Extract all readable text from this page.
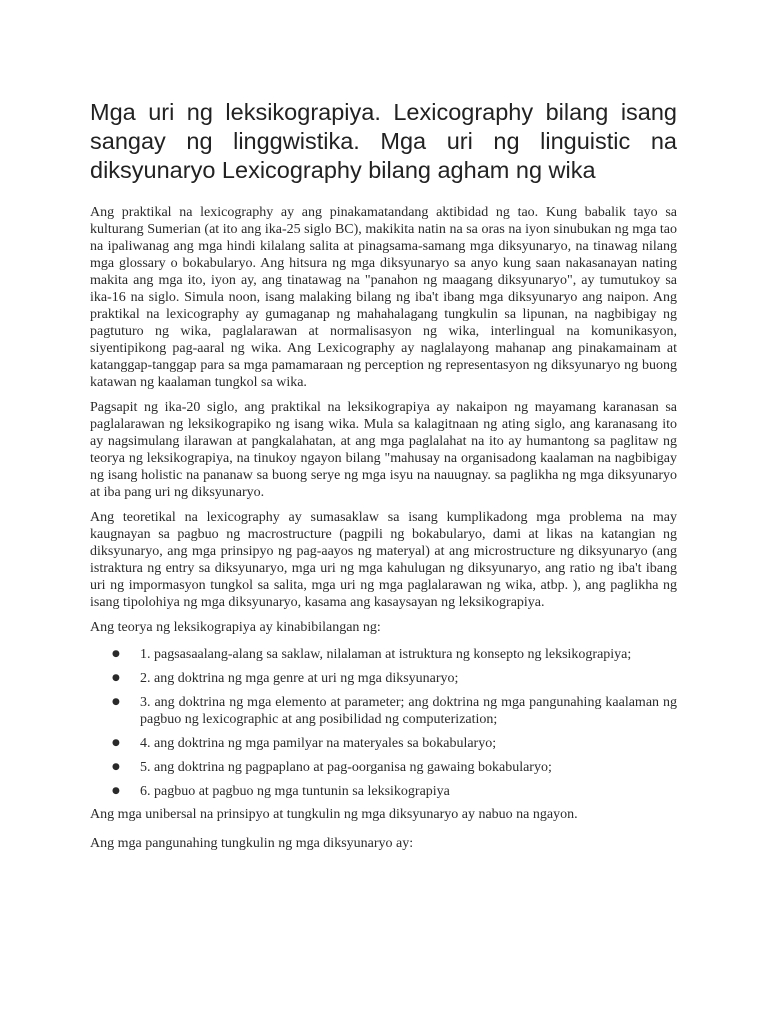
Mga uri ng leksikograpiya. Lexicography bilang isang sangay ng linggwistika. Mga uri ng linguistic na diksyunaryo Lexicography bilang agham ng wika

Ang praktikal na lexicography ay ang pinakamatandang aktibidad ng tao. Kung babalik tayo sa kulturang Sumerian (at ito ang ika-25 siglo BC), makikita natin na sa oras na iyon sinubukan ng mga tao na ipaliwanag ang mga hindi kilalang salita at pinagsama-samang mga diksyunaryo, na tinawag nilang mga glossary o bokabularyo. Ang hitsura ng mga diksyunaryo sa anyo kung saan nakasanayan nating makita ang mga ito, iyon ay, ang tinatawag na "panahon ng maagang diksyunaryo", ay tumutukoy sa ika-16 na siglo. Simula noon, isang malaking bilang ng iba't ibang mga diksyunaryo ang naipon. Ang praktikal na lexicography ay gumaganap ng mahahalagang tungkulin sa lipunan, na nagbibigay ng pagtuturo ng wika, paglalarawan at normalisasyon ng wika, interlingual na komunikasyon, siyentipikong pag-aaral ng wika. Ang Lexicography ay naglalayong mahanap ang pinakamainam at katanggap-tanggap para sa mga pamamaraan ng perception ng representasyon ng diksyunaryo ng buong katawan ng kaalaman tungkol sa wika.

Pagsapit ng ika-20 siglo, ang praktikal na leksikograpiya ay nakaipon ng mayamang karanasan sa paglalarawan ng leksikograpiko ng isang wika. Mula sa kalagitnaan ng ating siglo, ang karanasang ito ay nagsimulang ilarawan at pangkalahatan, at ang mga paglalahat na ito ay humantong sa paglitaw ng teorya ng leksikograpiya, na tinukoy ngayon bilang "mahusay na organisadong kaalaman na nagbibigay ng isang holistic na pananaw sa buong serye ng mga isyu na nauugnay. sa paglikha ng mga diksyunaryo at iba pang uri ng diksyunaryo.

Ang teoretikal na lexicography ay sumasaklaw sa isang kumplikadong mga problema na may kaugnayan sa pagbuo ng macrostructure (pagpili ng bokabularyo, dami at likas na katangian ng diksyunaryo, ang mga prinsipyo ng pag-aayos ng materyal) at ang microstructure ng diksyunaryo (ang istraktura ng entry sa diksyunaryo, mga uri ng mga kahulugan ng diksyunaryo, ang ratio ng iba't ibang uri ng impormasyon tungkol sa salita, mga uri ng mga paglalarawan ng wika, atbp. ), ang paglikha ng isang tipolohiya ng mga diksyunaryo, kasama ang kasaysayan ng leksikograpiya.

Ang teorya ng leksikograpiya ay kinabibilangan ng:

● 1. pagsasaalang-alang sa saklaw, nilalaman at istruktura ng konsepto ng leksikograpiya;
● 2. ang doktrina ng mga genre at uri ng mga diksyunaryo;
● 3. ang doktrina ng mga elemento at parameter; ang doktrina ng mga pangunahing kaalaman ng pagbuo ng lexicographic at ang posibilidad ng computerization;
● 4. ang doktrina ng mga pamilyar na materyales sa bokabularyo;
● 5. ang doktrina ng pagpaplano at pag-oorganisa ng gawaing bokabularyo;
● 6. pagbuo at pagbuo ng mga tuntunin sa leksikograpiya

Ang mga unibersal na prinsipyo at tungkulin ng mga diksyunaryo ay nabuo na ngayon.

Ang mga pangunahing tungkulin ng mga diksyunaryo ay:
